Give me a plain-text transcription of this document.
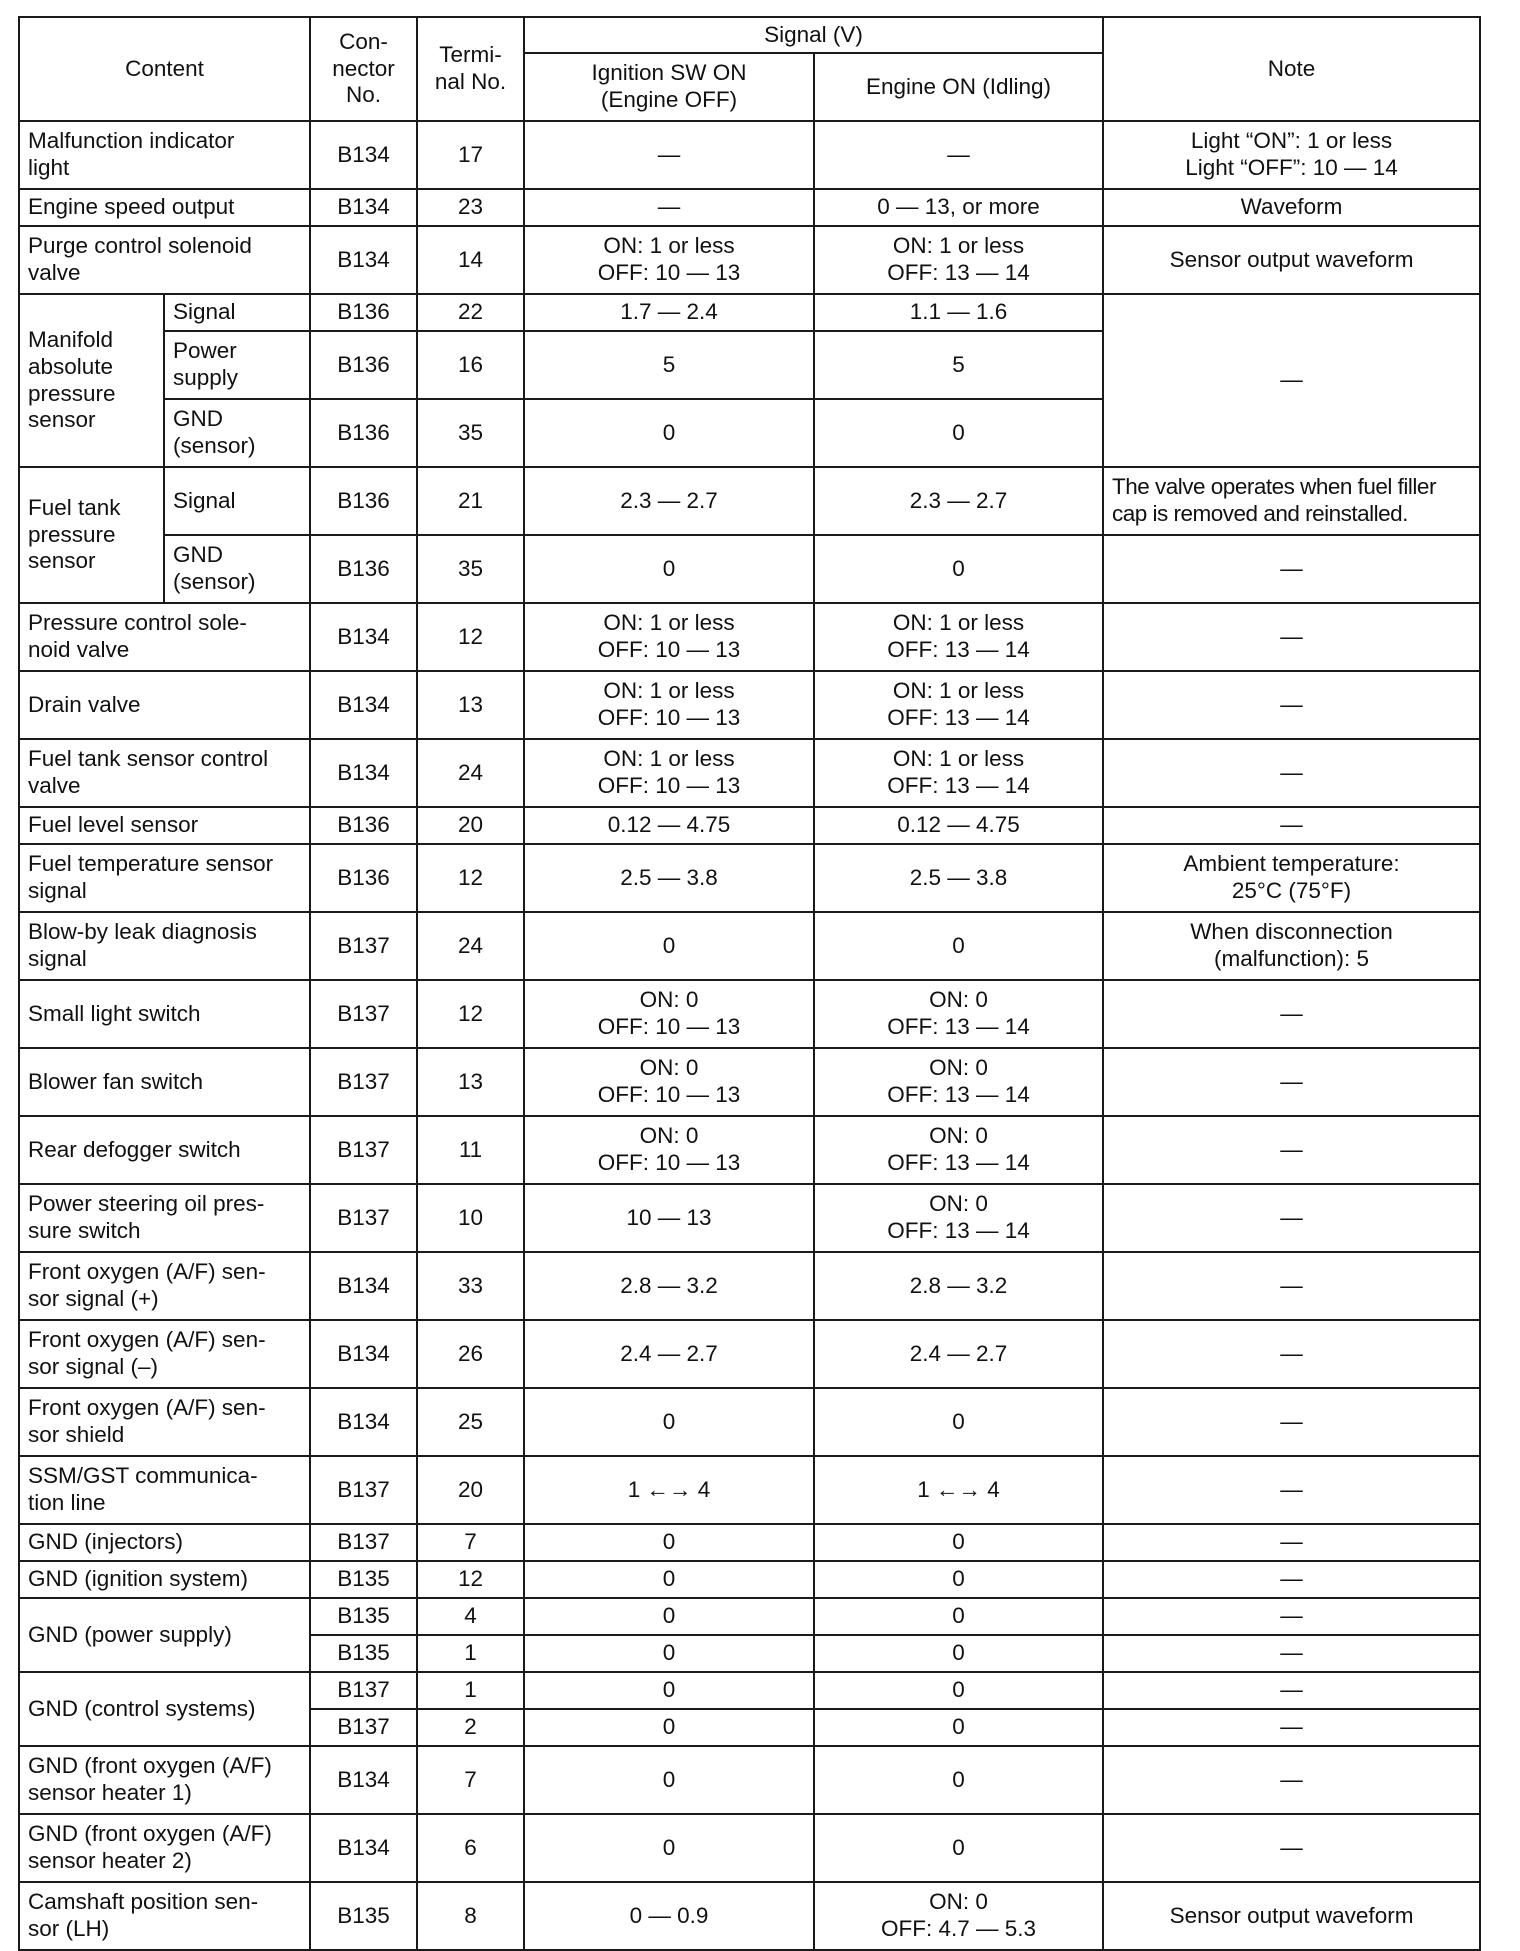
Content		Con-
nector
No.	Termi-
nal No.	Signal (V)		Note

				Ignition SW ON
(Engine OFF)	Engine ON (Idling)	

Malfunction indicator
light		B134	17	—	—	Light “ON”: 1 or less
Light “OFF”: 10 — 14

Engine speed output		B134	23	—	0 — 13, or more	Waveform

Purge control solenoid
valve		B134	14	ON: 1 or less
OFF: 10 — 13	ON: 1 or less
OFF: 13 — 14	Sensor output waveform

Manifold
absolute
pressure
sensor	Signal	B136	22	1.7 — 2.4	1.1 — 1.6	—

	Power
supply	B136	16	5	5	

	GND
(sensor)	B136	35	0	0	

Fuel tank
pressure
sensor	Signal	B136	21	2.3 — 2.7	2.3 — 2.7	The valve operates when fuel filler
cap is removed and reinstalled.

	GND
(sensor)	B136	35	0	0	—

Pressure control sole-
noid valve		B134	12	ON: 1 or less
OFF: 10 — 13	ON: 1 or less
OFF: 13 — 14	—

Drain valve		B134	13	ON: 1 or less
OFF: 10 — 13	ON: 1 or less
OFF: 13 — 14	—

Fuel tank sensor control
valve		B134	24	ON: 1 or less
OFF: 10 — 13	ON: 1 or less
OFF: 13 — 14	—

Fuel level sensor		B136	20	0.12 — 4.75	0.12 — 4.75	—

Fuel temperature sensor
signal		B136	12	2.5 — 3.8	2.5 — 3.8	Ambient temperature:
25°C (75°F)

Blow-by leak diagnosis
signal		B137	24	0	0	When disconnection
(malfunction): 5

Small light switch		B137	12	ON: 0
OFF: 10 — 13	ON: 0
OFF: 13 — 14	—

Blower fan switch		B137	13	ON: 0
OFF: 10 — 13	ON: 0
OFF: 13 — 14	—

Rear defogger switch		B137	11	ON: 0
OFF: 10 — 13	ON: 0
OFF: 13 — 14	—

Power steering oil pres-
sure switch		B137	10	10 — 13	ON: 0
OFF: 13 — 14	—

Front oxygen (A/F) sen-
sor signal (+)		B134	33	2.8 — 3.2	2.8 — 3.2	—

Front oxygen (A/F) sen-
sor signal (–)		B134	26	2.4 — 2.7	2.4 — 2.7	—

Front oxygen (A/F) sen-
sor shield		B134	25	0	0	—

SSM/GST communica-
tion line		B137	20	1 ←→ 4	1 ←→ 4	—

GND (injectors)		B137	7	0	0	—

GND (ignition system)		B135	12	0	0	—

GND (power supply)		B135	4	0	0	—

		B135	1	0	0	—

GND (control systems)		B137	1	0	0	—

		B137	2	0	0	—

GND (front oxygen (A/F)
sensor heater 1)		B134	7	0	0	—

GND (front oxygen (A/F)
sensor heater 2)		B134	6	0	0	—

Camshaft position sen-
sor (LH)		B135	8	0 — 0.9	ON: 0
OFF: 4.7 — 5.3	Sensor output waveform
